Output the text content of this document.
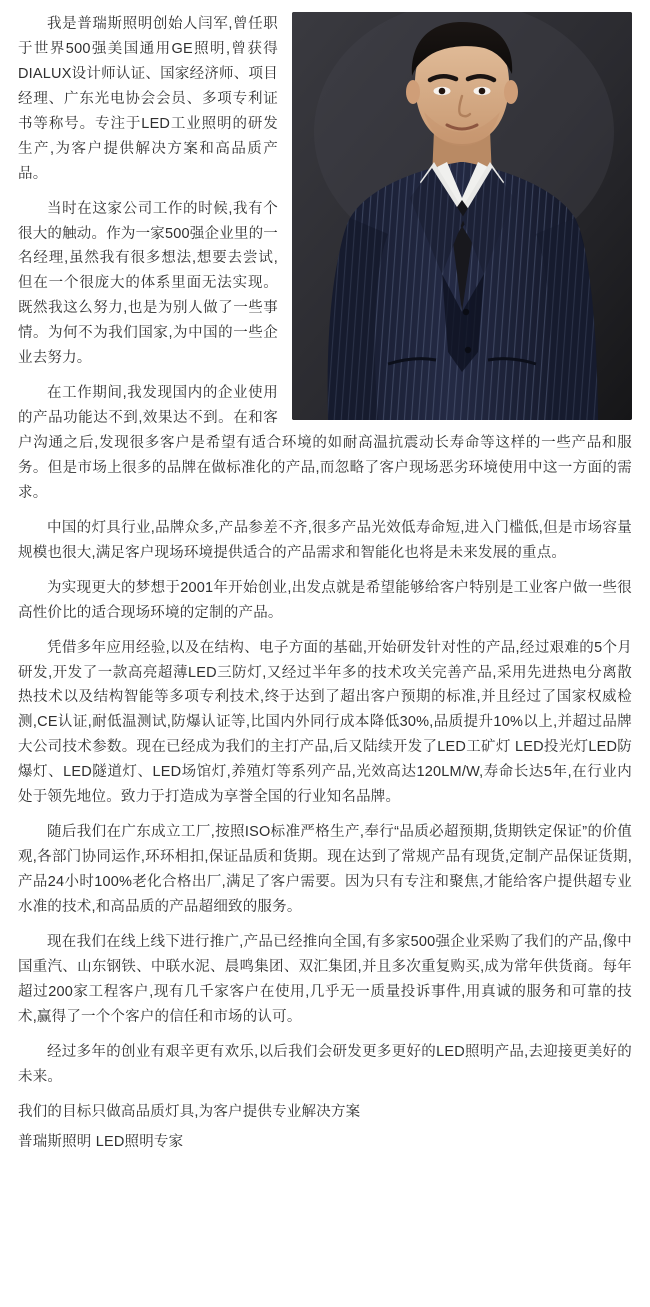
我是普瑞斯照明创始人闫军,曾任职于世界500强美国通用GE照明,曾获得DIALUX设计师认证、国家经济师、项目经理、广东光电协会会员、多项专利证书等称号。专注于LED工业照明的研发生产,为客户提供解决方案和高品质产品。

当时在这家公司工作的时候,我有个很大的触动。作为一家500强企业里的一名经理,虽然我有很多想法,想要去尝试,但在一个很庞大的体系里面无法实现。既然我这么努力,也是为别人做了一些事情。为何不为我们国家,为中国的一些企业去努力。

在工作期间,我发现国内的企业使用的产品功能达不到,效果达不到。在和客户沟通之后,发现很多客户是希望有适合环境的如耐高温抗震动长寿命等这样的一些产品和服务。但是市场上很多的品牌在做标准化的产品,而忽略了客户现场恶劣环境使用中这一方面的需求。

中国的灯具行业,品牌众多,产品参差不齐,很多产品光效低寿命短,进入门槛低,但是市场容量规模也很大,满足客户现场环境提供适合的产品需求和智能化也将是未来发展的重点。

为实现更大的梦想于2001年开始创业,出发点就是希望能够给客户特别是工业客户做一些很高性价比的适合现场环境的定制的产品。

凭借多年应用经验,以及在结构、电子方面的基础,开始研发针对性的产品,经过艰难的5个月研发,开发了一款高亮超薄LED三防灯,又经过半年多的技术攻关完善产品,采用先进热电分离散热技术以及结构智能等多项专利技术,终于达到了超出客户预期的标准,并且经过了国家权威检测,CE认证,耐低温测试,防爆认证等,比国内外同行成本降低30%,品质提升10%以上,并超过品牌大公司技术参数。现在已经成为我们的主打产品,后又陆续开发了LED工矿灯 LED投光灯LED防爆灯、LED隧道灯、LED场馆灯,养殖灯等系列产品,光效高达120LM/W,寿命长达5年,在行业内处于领先地位。致力于打造成为享誉全国的行业知名品牌。

随后我们在广东成立工厂,按照ISO标准严格生产,奉行“品质必超预期,货期铁定保证”的价值观,各部门协同运作,环环相扣,保证品质和货期。现在达到了常规产品有现货,定制产品保证货期,产品24小时100%老化合格出厂,满足了客户需要。因为只有专注和聚焦,才能给客户提供超专业水准的技术,和高品质的产品超细致的服务。

现在我们在线上线下进行推广,产品已经推向全国,有多家500强企业采购了我们的产品,像中国重汽、山东钢铁、中联水泥、晨鸣集团、双汇集团,并且多次重复购买,成为常年供货商。每年超过200家工程客户,现有几千家客户在使用,几乎无一质量投诉事件,用真诚的服务和可靠的技术,赢得了一个个客户的信任和市场的认可。

经过多年的创业有艰辛更有欢乐,以后我们会研发更多更好的LED照明产品,去迎接更美好的未来。

我们的目标只做高品质灯具,为客户提供专业解决方案

普瑞斯照明 LED照明专家
